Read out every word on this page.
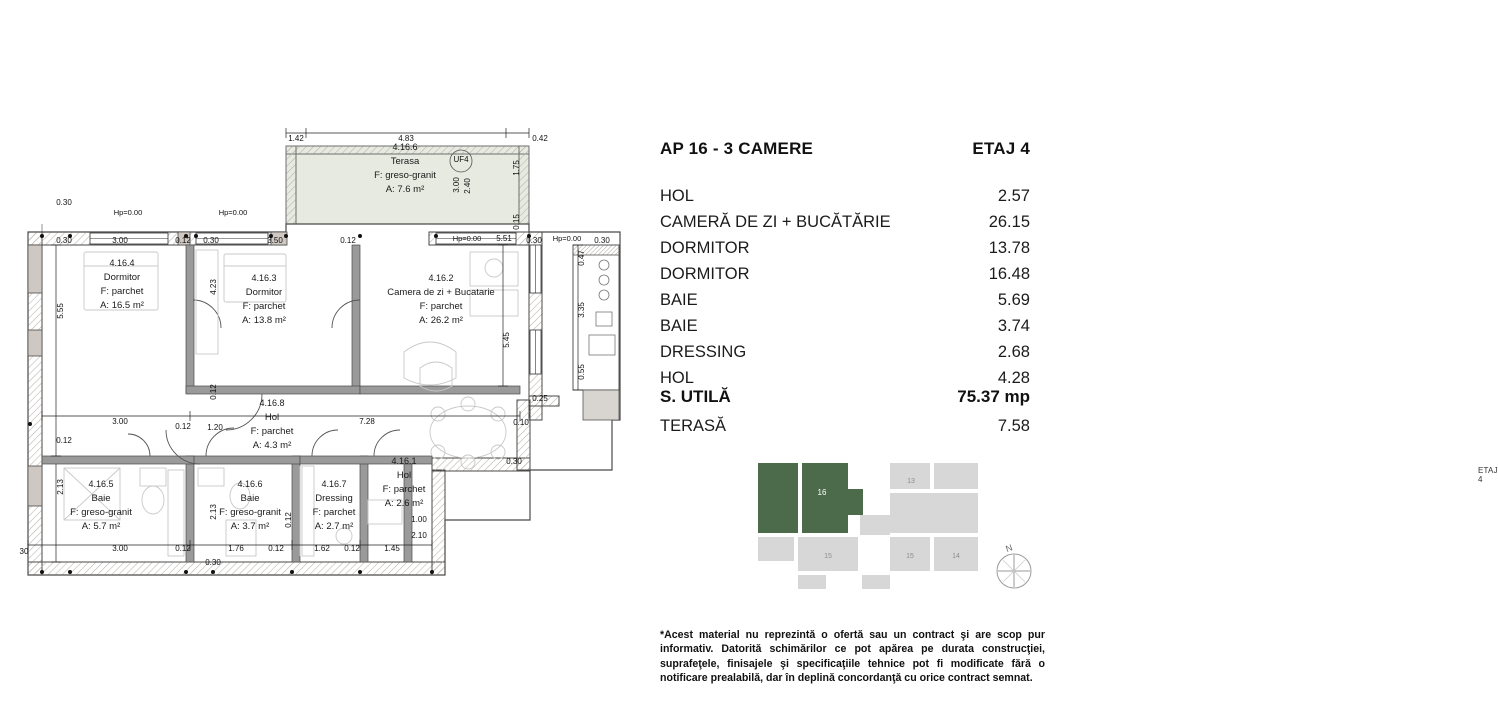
4.16.6
Terasa
F: greso-granit
A: 7.6 m²
4.16.4
Dormitor
F: parchet
A: 16.5 m²
4.16.3
Dormitor
F: parchet
A: 13.8 m²
4.16.2
Camera de zi + Bucatarie
F: parchet
A: 26.2 m²
4.16.8
Hol
F: parchet
A: 4.3 m²
4.16.5
Baie
F: greso-granit
A: 5.7 m²
4.16.6
Baie
F: greso-granit
A: 3.7 m²
4.16.7
Dressing
F: parchet
A: 2.7 m²
4.16.1
Hol
F: parchet
A: 2.6 m²
1.42	4.83	0.42
0.30
0.30	3.00	0.12 0.30	3.50	0.12	5.51 0.30	0.30
3.00
0.12 1.20
7.28	0.10
0.25
0.12
0.30
30	3.00	0.12	1.76	0.12	1.62 0.12	1.45
0.30
1.00
2.10
1.75
3.00 2.40
0.15
0.47
4.23
5.55	3.35
5.45
0.55
0.12
2.13
2.13
0.12
UF4
Hp=0.00	Hp=0.00
Hp=0.00	Hp=0.00
AP 16 - 3 CAMERE	ETAJ 4
HOL	2.57
CAMERĂ DE ZI + BUCĂTĂRIE	26.15
DORMITOR	13.78
DORMITOR	16.48
BAIE	5.69
BAIE	3.74
DRESSING	2.68
HOL	4.28
S. UTILĂ	75.37 mp
TERASĂ	7.58
ETAJ 4
16
13
14
15
15
N
*Acest material nu reprezintă o ofertă sau un contract şi are scop pur informativ. Datorită schimărilor ce pot apărea pe durata construcţiei, suprafeţele, finisajele şi specificaţiile tehnice pot fi modificate fără o notificare prealabilă, dar în deplină concordanţă cu orice contract semnat.
